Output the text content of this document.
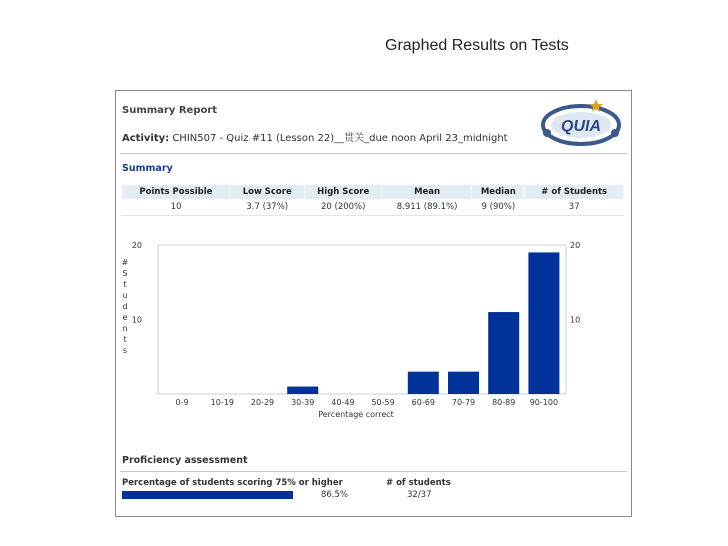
Graphed Results on Tests
Summary Report
Activity: CHIN507 - Quiz #11 (Lesson 22)__贯关_due noon April 23_midnight
QUIA
Summary
Points Possible	Low Score	High Score	Mean	Median	# of Students
10	3.7 (37%)	20 (200%)	8.911 (89.1%)	9 (90%)	37
20	20
10	10
#
S
t
u
d
e
n
t
s
0-9	10-19 20-29 30-39 40-49 50-59 60-69 70-79 80-89 90-100
Percentage correct
Proficiency assessment
Percentage of students scoring 75% or higher	# of students
86.5%	32/37
